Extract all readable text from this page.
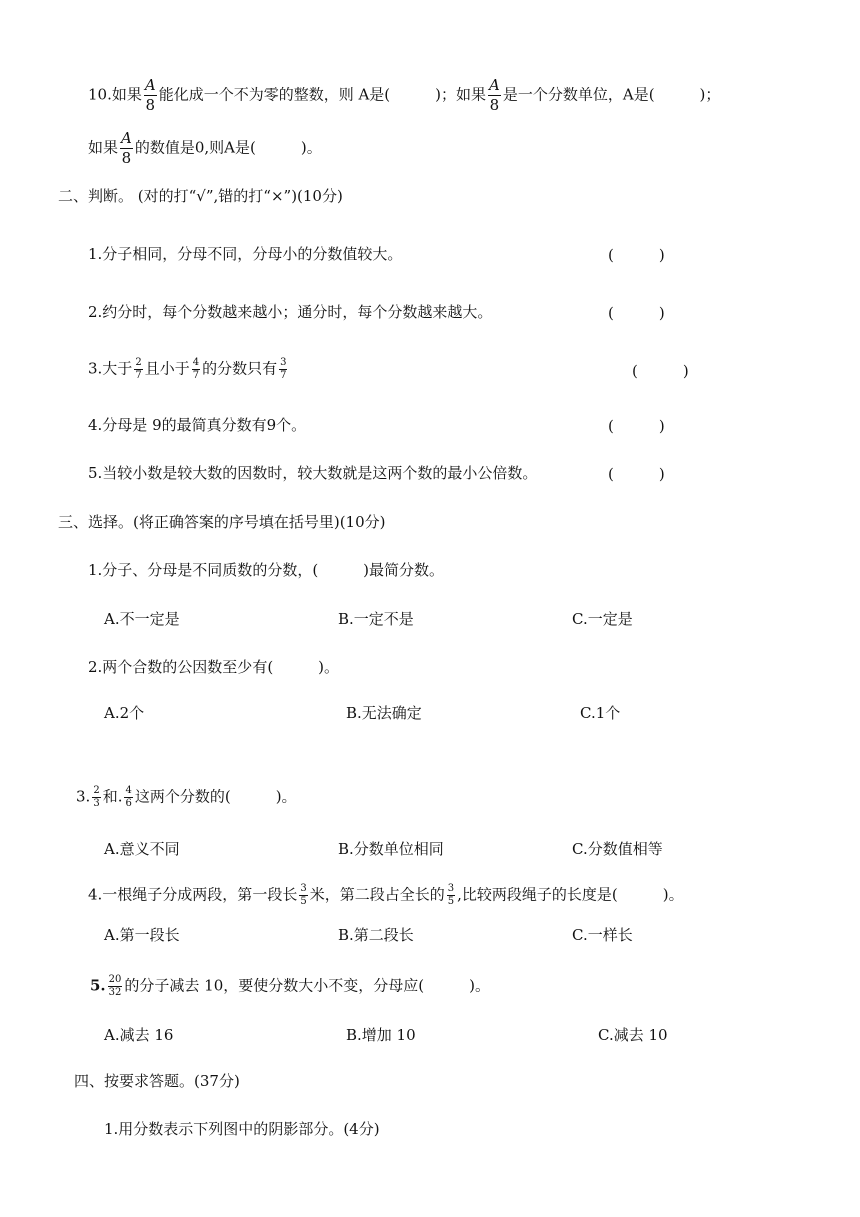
10.如果 $\frac{A}{8}$ 能化成一个不为零的整数，则 A是(　　　)；如果 $\frac{A}{8}$ 是一个分数单位，A是(　　　)；
如果 $\frac{A}{8}$ 的数值是0,则A是(　　　)。
二、判断。 (对的打“√”,错的打“×”)(10分)
1.分子相同，分母不同，分母小的分数值较大。	(　　　)
2.约分时，每个分数越来越小；通分时，每个分数越来越大。	(　　　)
3.大于 $\frac{2}{7}$ 且小于 $\frac{4}{7}$ 的分数只有 $\frac{3}{7}$	(　　　)
4.分母是 9的最简真分数有9个。	(　　　)
5.当较小数是较大数的因数时，较大数就是这两个数的最小公倍数。	(　　　)
三、选择。(将正确答案的序号填在括号里)(10分)
1.分子、分母是不同质数的分数，(　　　)最简分数。
A.不一定是	B.一定不是	C.一定是
2.两个合数的公因数至少有(　　　)。
A.2个	B.无法确定	C.1个
3. $\frac{2}{3}$ 和. $\frac{4}{6}$ 这两个分数的(　　　)。
A.意义不同	B.分数单位相同	C.分数值相等
4.一根绳子分成两段，第一段长 $\frac{3}{5}$ 米，第二段占全长的 $\frac{3}{5}$ ,比较两段绳子的长度是(　　　)。
A.第一段长	B.第二段长	C.一样长
5. $\frac{20}{32}$ 的分子减去 10，要使分数大小不变，分母应(　　　)。
A.减去 16	B.增加 10	C.减去 10
四、按要求答题。(37分)
1.用分数表示下列图中的阴影部分。(4分)
